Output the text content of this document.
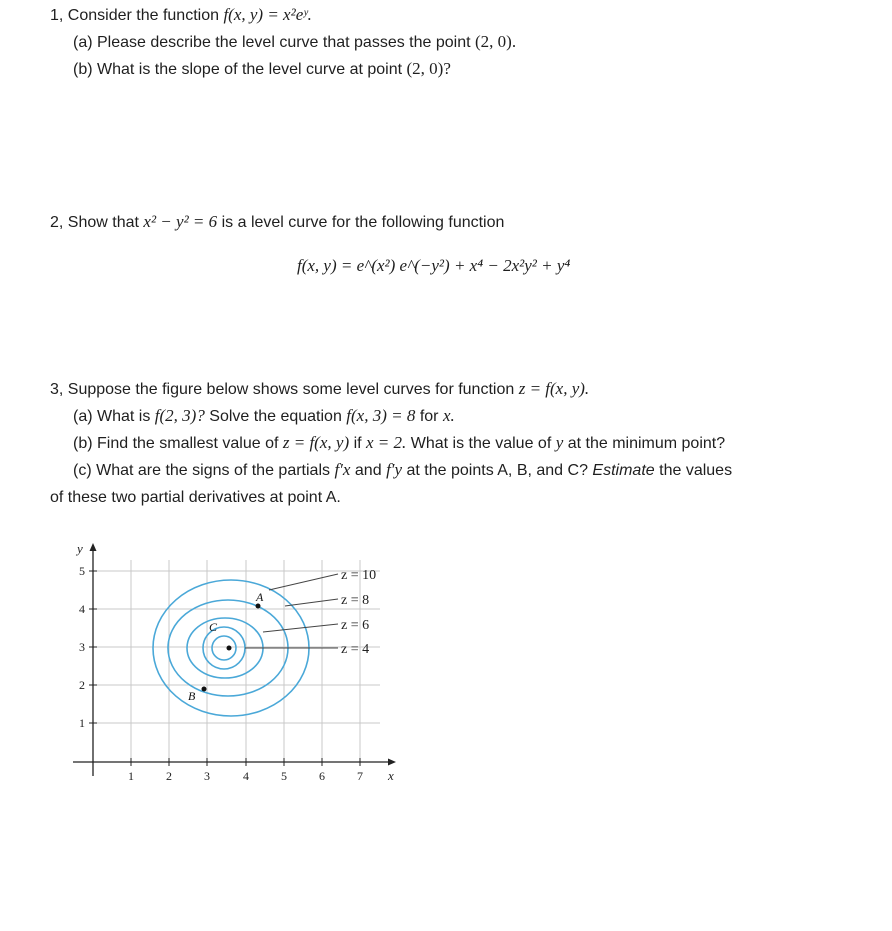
1, Consider the function f(x, y) = x²eʸ.
(a) Please describe the level curve that passes the point (2, 0).
(b) What is the slope of the level curve at point (2, 0)?
2, Show that x² − y² = 6 is a level curve for the following function
f(x, y) = e^(x²) e^(−y²) + x⁴ − 2x²y² + y⁴
3, Suppose the figure below shows some level curves for function z = f(x, y).
(a) What is f(2, 3)? Solve the equation f(x, 3) = 8 for x.
(b) Find the smallest value of z = f(x, y) if x = 2. What is the value of y at the minimum point?
(c) What are the signs of the partials f′x and f′y at the points A, B, and C? Estimate the values
of these two partial derivatives at point A.
A
B
C
z = 10
z = 8
z = 6
z = 4
5
4
3
2
1
1	2	3	4	5	6	7
y
x
